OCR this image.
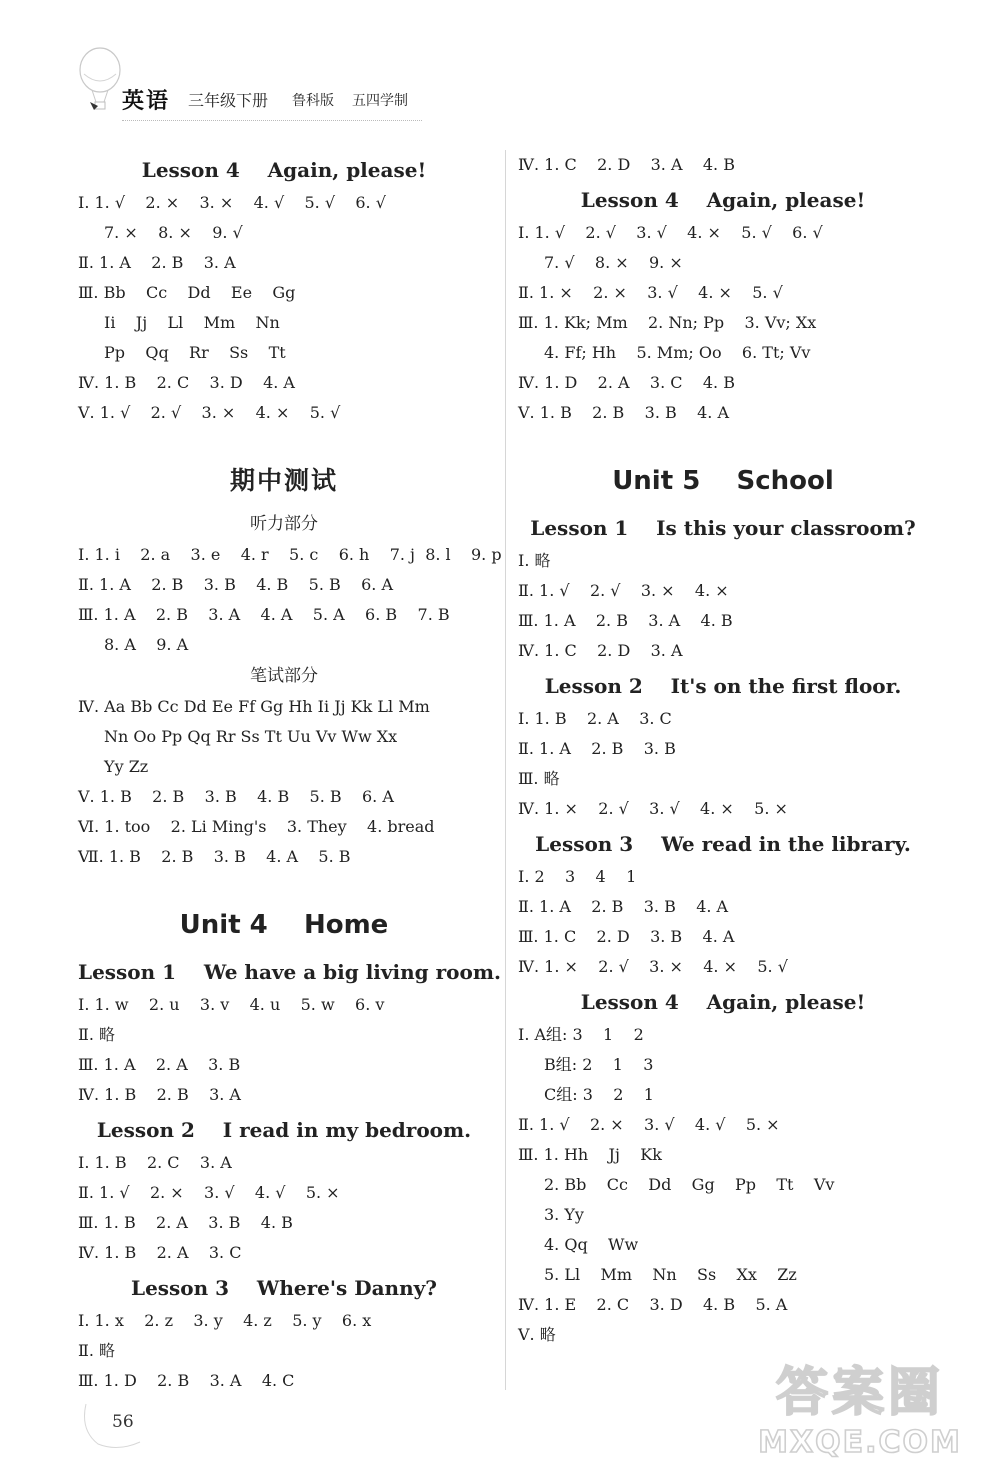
英语 三年级下册 鲁科版 五四学制
Lesson 4    Again, please!
Ⅰ. 1. √    2. ×    3. ×    4. √    5. √    6. √
7. ×    8. ×    9. √
Ⅱ. 1. A    2. B    3. A
Ⅲ. Bb    Cc    Dd    Ee    Gg
Ii    Jj    Ll    Mm    Nn
Pp    Qq    Rr    Ss    Tt
Ⅳ. 1. B    2. C    3. D    4. A
Ⅴ. 1. √    2. √    3. ×    4. ×    5. √
期中测试
听力部分
Ⅰ. 1. i    2. a    3. e    4. r    5. c    6. h    7. j  8. l    9. p
Ⅱ. 1. A    2. B    3. B    4. B    5. B    6. A
Ⅲ. 1. A    2. B    3. A    4. A    5. A    6. B    7. B
8. A    9. A
笔试部分
Ⅳ. Aa Bb Cc Dd Ee Ff Gg Hh Ii Jj Kk Ll Mm
Nn Oo Pp Qq Rr Ss Tt Uu Vv Ww Xx
Yy Zz
Ⅴ. 1. B    2. B    3. B    4. B    5. B    6. A
Ⅵ. 1. too    2. Li Ming's    3. They    4. bread
Ⅶ. 1. B    2. B    3. B    4. A    5. B
Unit 4    Home
Lesson 1    We have a big living room.
Ⅰ. 1. w    2. u    3. v    4. u    5. w    6. v
Ⅱ. 略
Ⅲ. 1. A    2. A    3. B
Ⅳ. 1. B    2. B    3. A
Lesson 2    I read in my bedroom.
Ⅰ. 1. B    2. C    3. A
Ⅱ. 1. √    2. ×    3. √    4. √    5. ×
Ⅲ. 1. B    2. A    3. B    4. B
Ⅳ. 1. B    2. A    3. C
Lesson 3    Where's Danny?
Ⅰ. 1. x    2. z    3. y    4. z    5. y    6. x
Ⅱ. 略
Ⅲ. 1. D    2. B    3. A    4. C
Ⅳ. 1. C    2. D    3. A    4. B
Lesson 4    Again, please!
Ⅰ. 1. √    2. √    3. √    4. ×    5. √    6. √
7. √    8. ×    9. ×
Ⅱ. 1. ×    2. ×    3. √    4. ×    5. √
Ⅲ. 1. Kk; Mm    2. Nn; Pp    3. Vv; Xx
4. Ff; Hh    5. Mm; Oo    6. Tt; Vv
Ⅳ. 1. D    2. A    3. C    4. B
Ⅴ. 1. B    2. B    3. B    4. A
Unit 5    School
Lesson 1    Is this your classroom?
Ⅰ. 略
Ⅱ. 1. √    2. √    3. ×    4. ×
Ⅲ. 1. A    2. B    3. A    4. B
Ⅳ. 1. C    2. D    3. A
Lesson 2    It's on the first floor.
Ⅰ. 1. B    2. A    3. C
Ⅱ. 1. A    2. B    3. B
Ⅲ. 略
Ⅳ. 1. ×    2. √    3. √    4. ×    5. ×
Lesson 3    We read in the library.
Ⅰ. 2    3    4    1
Ⅱ. 1. A    2. B    3. B    4. A
Ⅲ. 1. C    2. D    3. B    4. A
Ⅳ. 1. ×    2. √    3. ×    4. ×    5. √
Lesson 4    Again, please!
Ⅰ. A组: 3    1    2
B组: 2    1    3
C组: 3    2    1
Ⅱ. 1. √    2. ×    3. √    4. √    5. ×
Ⅲ. 1. Hh    Jj    Kk
2. Bb    Cc    Dd    Gg    Pp    Tt    Vv
3. Yy
4. Qq    Ww
5. Ll    Mm    Nn    Ss    Xx    Zz
Ⅳ. 1. E    2. C    3. D    4. B    5. A
Ⅴ. 略
56	答案圈
MXQE.COM
